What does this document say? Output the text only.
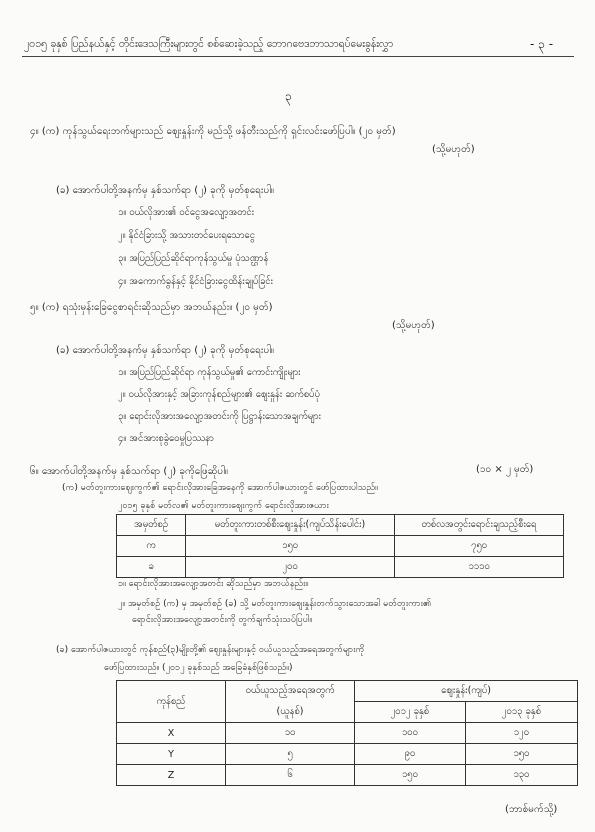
၂၀၁၅ ခုနှစ် ပြည်နယ်နှင့် တိုင်းဒေသကြီးများတွင် စစ်ဆေးခဲ့သည့် ဘောဂဗေဒဘာသာရပ်မေးခွန်းလွှာ	- ၃ -
၃
၄။ (က) ကုန်သွယ်ရေးဘက်များသည် ဈေးနှုန်းကို မည်သို့ ဖန်တီးသည်ကို ရှင်းလင်းဖော်ပြပါ။ (၂၀ မှတ်)
(သို့မဟုတ်)
(ခ) အောက်ပါတို့အနက်မှ နှစ်သက်ရာ (၂) ခုကို မှတ်စုရေးပါ။
၁။ ဝယ်လိုအား၏ ဝင်ငွေအလျော့အတင်း
၂။ နိုင်ငံခြားသို့ အသားတင်ပေးရသောငွေ
၃။ အပြည်ပြည်ဆိုင်ရာကုန်သွယ်မှု ပုံသဏ္ဌာန်
၄။ အကောက်ခွန်နှင့် နိုင်ငံခြားငွေထိန်းချုပ်ခြင်း
၅။ (က) ရသုံးမှန်းခြေငွေစာရင်းဆိုသည်မှာ အဘယ်နည်း။ (၂၀ မှတ်)
(သို့မဟုတ်)
(ခ) အောက်ပါတို့အနက်မှ နှစ်သက်ရာ (၂) ခုကို မှတ်စုရေးပါ။
၁။ အပြည်ပြည်ဆိုင်ရာ ကုန်သွယ်မှု၏ ကောင်းကျိုးများ
၂။ ဝယ်လိုအားနှင့် အခြားကုန်စည်များ၏ ဈေးနှုန်း ဆက်စပ်ပုံ
၃။ ရောင်းလိုအားအလျော့အတင်းကို ပြဋ္ဌာန်းသောအချက်များ
၄။ အင်အားစုခွဲဝေမှုပြဿနာ
၆။ အောက်ပါတို့အနက်မှ နှစ်သက်ရာ (၂) ခုကိုဖြေဆိုပါ။	(၁၀ × ၂ မှတ်)
(က) မတ်တူးကားဈေးကွက်၏ ရောင်းလိုအားခြေအနေကို အောက်ပါဇယားတွင် ဖော်ပြထားပါသည်။
၂၀၁၅ ခုနှစ် မတ်လ၏ မတ်တူးကားဈေးကွက် ရောင်းလိုအားဇယား
အမှတ်စဉ်	မတ်တူးကားတစ်စီးဈေးနှုန်း(ကျပ်သိန်းပေါင်း)	တစ်လအတွင်းရောင်းချသည့်စီးရေ
က	၁၅၀	၇၅၀
ခ	၂၀၀	၁၁၁၀
၁။ ရောင်းလိုအားအလျော့အတင်း ဆိုသည်မှာ အဘယ်နည်း။
၂။ အမှတ်စဉ် (က) မှ အမှတ်စဉ် (ခ) သို့ မတ်တူးကားဈေးနှုန်းတက်သွားသောအခါ မတ်တူးကား၏
ရောင်းလိုအားအလျော့အတင်းကို တွက်ချက်သုံးသပ်ပြပါ။
(ခ) အောက်ပါဇယားတွင် ကုန်စည်(၃)မျိုးတို့၏ ဈေးနှုန်းများနှင့် ဝယ်ယူသည့်အရေအတွက်များကို
ဖော်ပြထားသည်။ (၂၀၁၂ ခုနှစ်သည် အခြေခံနှစ်ဖြစ်သည်။)
ကုန်စည်	ဝယ်ယူသည့်အရေအတွက်	ဈေးနှုန်း(ကျပ်)	
	(ယူနစ်)	၂၀၁၂ ခုနှစ်	၂၀၁၃ ခုနှစ်
X	၁၀	၁၀၀	၁၂၀
Y	၅	၉၀	၁၅၀
Z	၆	၁၅၀	၁၃၀
(ဘာစ်မက်သို့)
